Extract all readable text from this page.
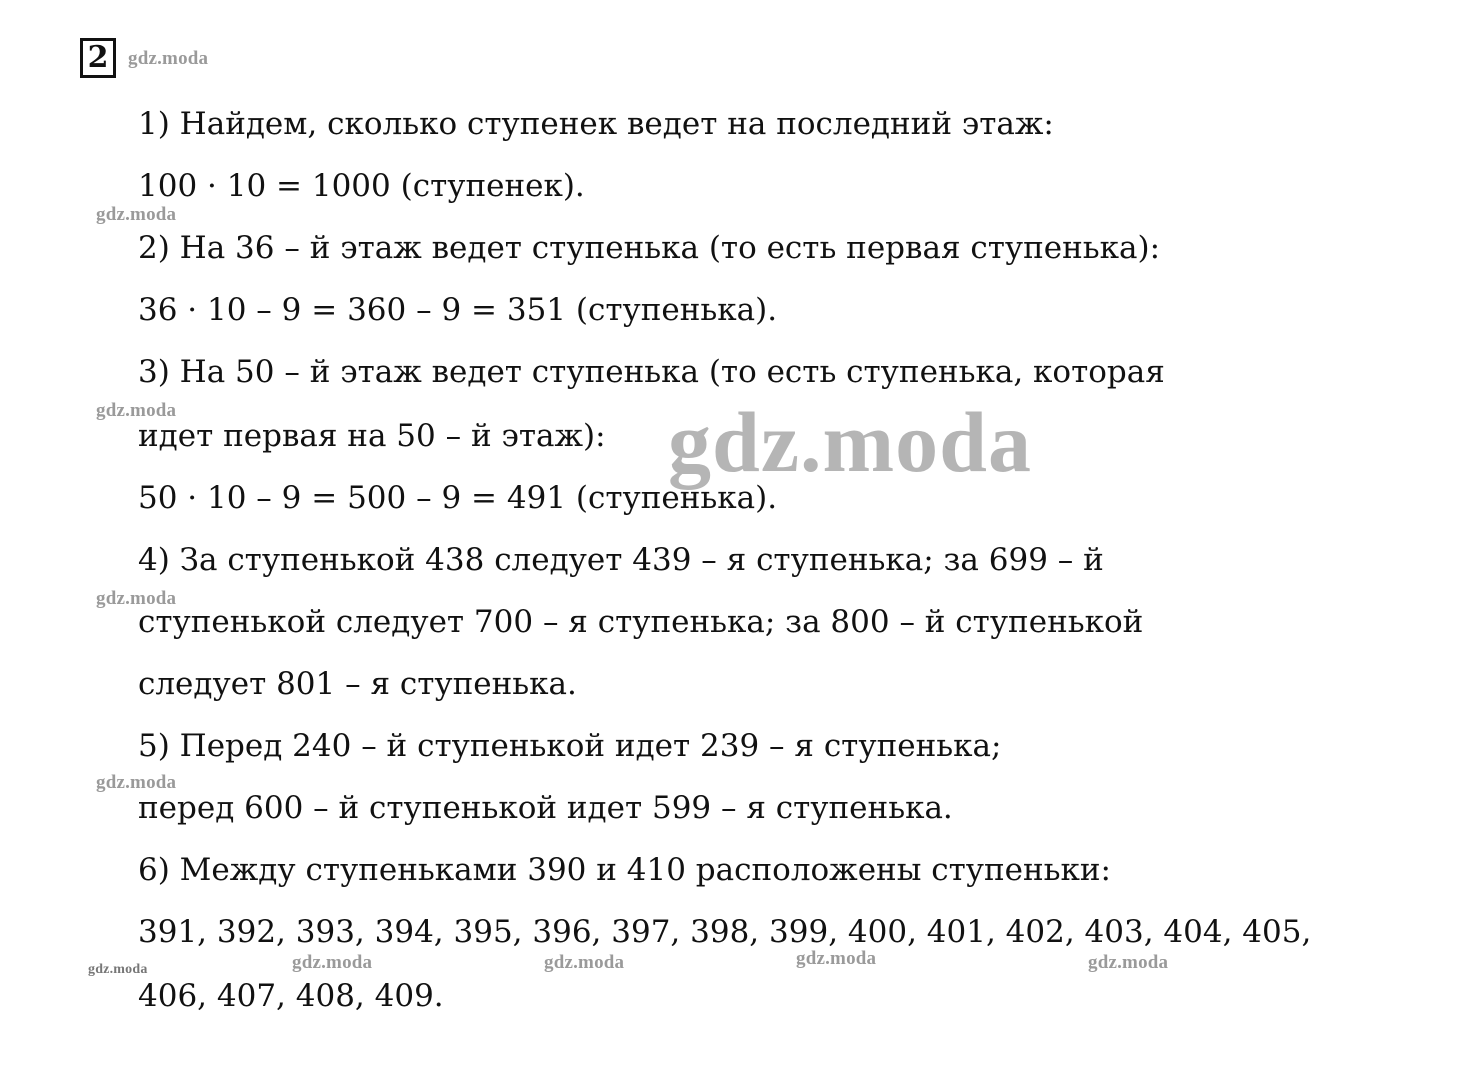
2	gdz.moda
gdz.moda
gdz.moda
gdz.moda
gdz.moda
gdz.moda	gdz.moda	gdz.moda	gdz.moda	gdz.moda
gdz.moda
1) Найдем, сколько ступенек ведет на последний этаж:
100 · 10 = 1000 (ступенек).
2) На 36 – й этаж ведет ступенька (то есть первая ступенька):
36 · 10 – 9 = 360 – 9 = 351 (ступенька).
3) На 50 – й этаж ведет ступенька (то есть ступенька, которая
идет первая на 50 – й этаж):
50 · 10 – 9 = 500 – 9 = 491 (ступенька).
4) За ступенькой 438 следует 439 – я ступенька; за 699 – й
ступенькой следует 700 – я ступенька; за 800 – й ступенькой
следует 801 – я ступенька.
5) Перед 240 – й ступенькой идет 239 – я ступенька;
перед 600 – й ступенькой идет 599 – я ступенька.
6) Между ступеньками 390 и 410 расположены ступеньки:
391, 392, 393, 394, 395, 396, 397, 398, 399, 400, 401, 402, 403, 404, 405,
406, 407, 408, 409.
